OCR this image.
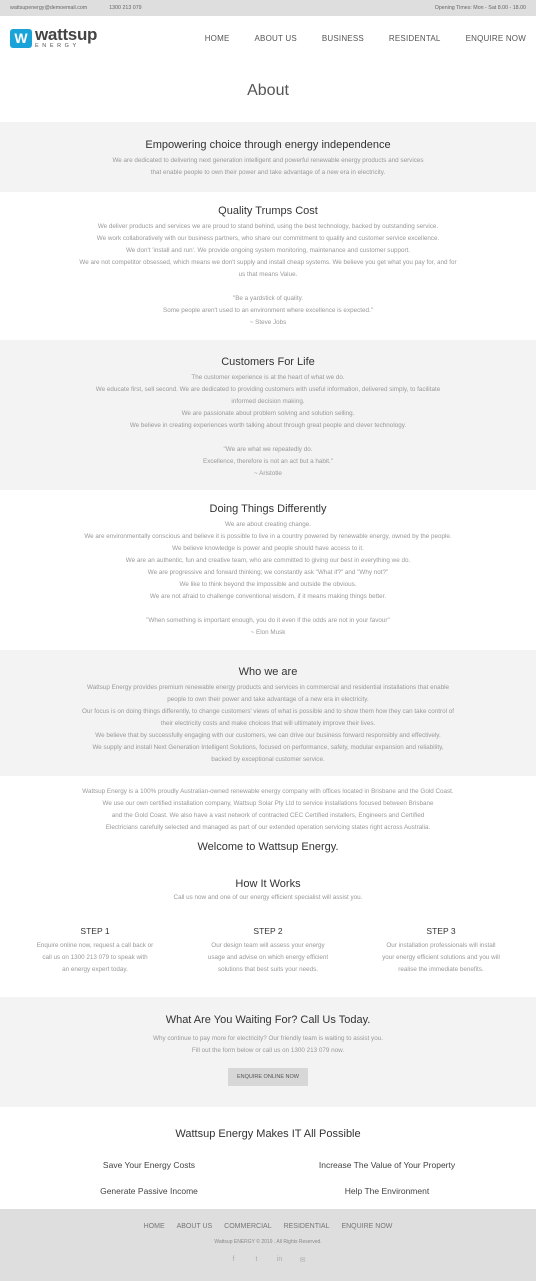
wattsupenergy@demoemail.com	1300 213 079	Opening Times: Mon - Sat 8.00 - 18.00
W wattsup
ENERGY
HOME	ABOUT US	BUSINESS	RESIDENTAL	ENQUIRE NOW
About
Empowering choice through energy independence

We are dedicated to delivering next generation intelligent and powerful renewable energy products and services

that enable people to own their power and take advantage of a new era in electricity.

Quality Trumps Cost

We deliver products and services we are proud to stand behind, using the best technology, backed by outstanding service.

We work collaboratively with our business partners, who share our commitment to quality and customer service excellence.

We don't 'install and run'. We provide ongoing system monitoring, maintenance and customer support.

We are not competitor obsessed, which means we don't supply and install cheap systems. We believe you get what you pay for, and for

us that means Value.

"Be a yardstick of quality.

Some people aren't used to an environment where excellence is expected."

~ Steve Jobs

Customers For Life

The customer experience is at the heart of what we do.

We educate first, sell second. We are dedicated to providing customers with useful information, delivered simply, to facilitate

informed decision making.

We are passionate about problem solving and solution selling.

We believe in creating experiences worth talking about through great people and clever technology.

"We are what we repeatedly do.

Excellence, therefore is not an act but a habit."

~ Aristotle

Doing Things Differently

We are about creating change.

We are environmentally conscious and believe it is possible to live in a country powered by renewable energy, owned by the people.

We believe knowledge is power and people should have access to it.

We are an authentic, fun and creative team, who are committed to giving our best in everything we do.

We are progressive and forward thinking; we constantly ask "What if?" and "Why not?"

We like to think beyond the impossible and outside the obvious.

We are not afraid to challenge conventional wisdom, if it means making things better.

"When something is important enough, you do it even if the odds are not in your favour"

~ Elon Musk

Who we are

Wattsup Energy provides premium renewable energy products and services in commercial and residential installations that enable

people to own their power and take advantage of a new era in electricity.

Our focus is on doing things differently, to change customers' views of what is possible and to show them how they can take control of

their electricity costs and make choices that will ultimately improve their lives.

We believe that by successfully engaging with our customers, we can drive our business forward responsibly and effectively.

We supply and install Next Generation Intelligent Solutions, focused on performance, safety, modular expansion and reliability,

backed by exceptional customer service.

Wattsup Energy is a 100% proudly Australian-owned renewable energy company with offices located in Brisbane and the Gold Coast.

We use our own certified installation company, Wattsup Solar Pty Ltd to service installations focused between Brisbane

and the Gold Coast. We also have a vast network of contracted CEC Certified installers, Engineers and Certified

Electricians carefully selected and managed as part of our extended operation servicing states right across Australia.

Welcome to Wattsup Energy.
How It Works

Call us now and one of our energy efficient specialist will assist you.

STEP 1

Enquire online now, request a call back or

call us on 1300 213 079 to speak with

an energy expert today.

STEP 2

Our design team will assess your energy

usage and advise on which energy efficient

solutions that best suits your needs.

STEP 3

Our installation professionals will install

your energy efficient solutions and you will

realise the immediate benefits.

What Are You Waiting For? Call Us Today.

Why continue to pay more for electricity? Our friendly team is waiting to assist you.

Fill out the form below or call us on 1300 213 079 now.

ENQUIRE ONLINE NOW
Wattsup Energy Makes IT All Possible
Save Your Energy Costs	Increase The Value of Your Property
Generate Passive Income	Help The Environment
HOME ABOUT US COMMERCIAL RESIDENTIAL ENQUIRE NOW
Wattsup ENERGY © 2019 . All Rights Reserved.
f	t	in ✉
